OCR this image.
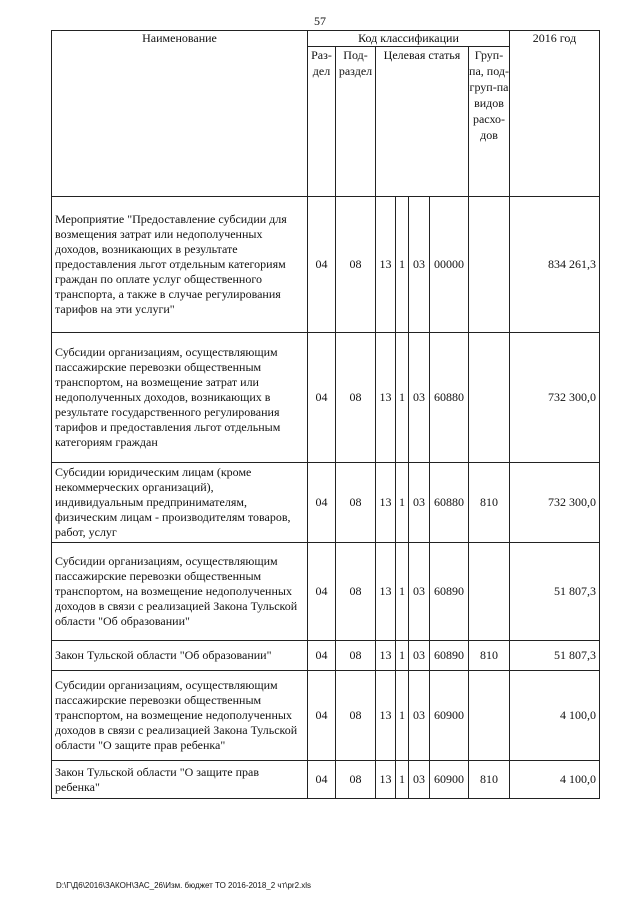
57
Наименование	Код классификации							2016 год
	Раз-дел	Под-раздел	Целевая статья				Груп-па, под-груп-па видов расхо-дов	
Мероприятие "Предоставление субсидии для возмещения затрат или недополученных доходов, возникающих в результате предоставления льгот отдельным категориям граждан по оплате услуг общественного транспорта, а также в случае регулирования тарифов на эти услуги"	04	08	13	1	03	00000		834 261,3
Субсидии организациям, осуществляющим пассажирские перевозки общественным транспортом, на возмещение затрат или недополученных доходов, возникающих в результате государственного регулирования тарифов и предоставления льгот отдельным категориям граждан	04	08	13	1	03	60880		732 300,0
Субсидии юридическим лицам (кроме некоммерческих организаций), индивидуальным предпринимателям, физическим лицам - производителям товаров, работ, услуг	04	08	13	1	03	60880	810	732 300,0
Субсидии организациям, осуществляющим пассажирские перевозки общественным транспортом, на возмещение недополученных доходов в связи с реализацией Закона Тульской области "Об образовании"	04	08	13	1	03	60890		51 807,3
Закон Тульской области "Об образовании"	04	08	13	1	03	60890	810	51 807,3
Субсидии организациям, осуществляющим пассажирские перевозки общественным транспортом, на возмещение недополученных доходов в связи с реализацией Закона Тульской области "О защите прав ребенка"	04	08	13	1	03	60900		4 100,0
Закон Тульской области "О защите прав ребенка"	04	08	13	1	03	60900	810	4 100,0
D:\Г\Д6\2016\ЗАКОН\ЗАС_26\Изм. бюджет ТО 2016-2018_2 чт\pr2.xls
